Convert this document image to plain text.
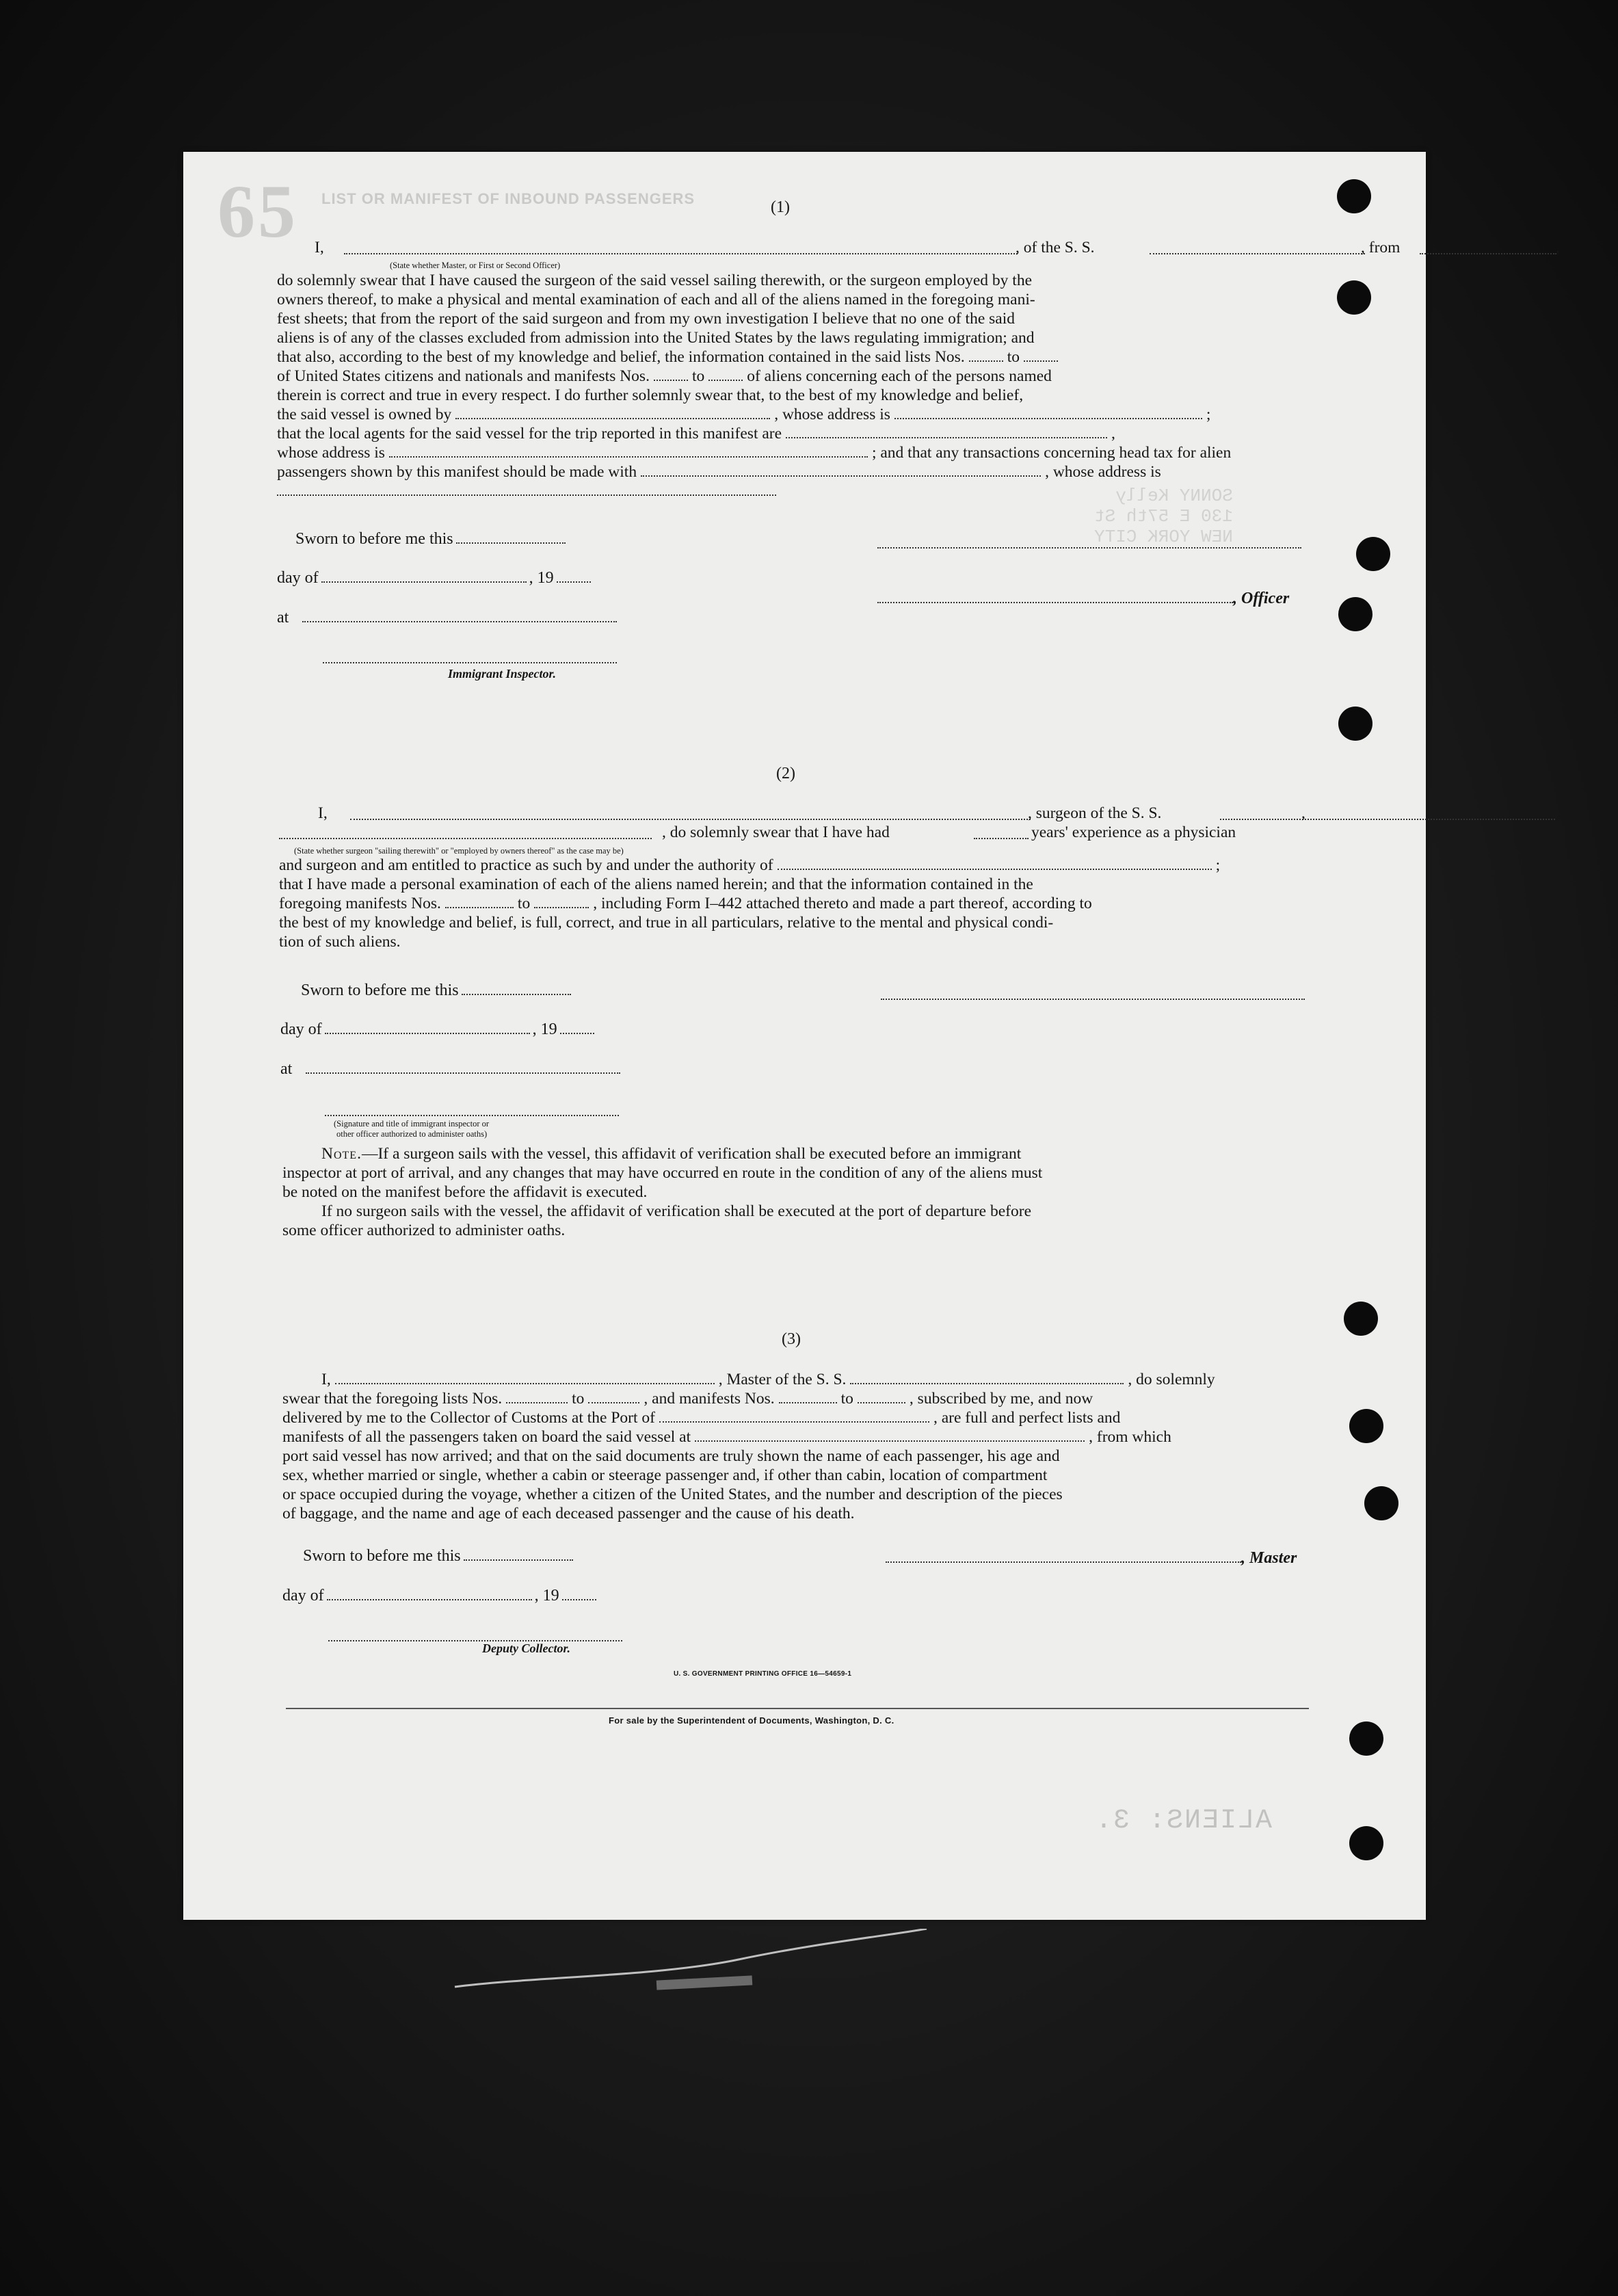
65 LIST OR MANIFEST OF INBOUND PASSENGERS
SONNY Kelly
130 E 57th St
NEW YORK CITY
ALIENS: 3.
(1)
I,	, of the S. S.	, from	,
(State whether Master, or First or Second Officer)
do solemnly swear that I have caused the surgeon of the said vessel sailing therewith, or the surgeon employed by the
owners thereof, to make a physical and mental examination of each and all of the aliens named in the foregoing mani-
fest sheets; that from the report of the said surgeon and from my own investigation I believe that no one of the said
aliens is of any of the classes excluded from admission into the United States by the laws regulating immigration; and
that also, according to the best of my knowledge and belief, the information contained in the said lists Nos.	to
of United States citizens and nationals and manifests Nos.	to	of aliens concerning each of the persons named
therein is correct and true in every respect. I do further solemnly swear that, to the best of my knowledge and belief,
the said vessel is owned by	, whose address is	;
that the local agents for the said vessel for the trip reported in this manifest are	,
whose address is	; and that any transactions concerning head tax for alien
passengers shown by this manifest should be made with	, whose address is
Sworn to before me this
day of	, 19
at
Immigrant Inspector.
, Officer
(2)
I,	, surgeon of the S. S.	,
, do solemnly swear that I have had	years' experience as a physician
(State whether surgeon "sailing therewith" or "employed by owners thereof" as the case may be)
and surgeon and am entitled to practice as such by and under the authority of	;
that I have made a personal examination of each of the aliens named herein; and that the information contained in the
foregoing manifests Nos.	to	, including Form I–442 attached thereto and made a part thereof, according to
the best of my knowledge and belief, is full, correct, and true in all particulars, relative to the mental and physical condi-
tion of such aliens.
Sworn to before me this
day of	, 19
at
(Signature and title of immigrant inspector or
other officer authorized to administer oaths)
Note.—If a surgeon sails with the vessel, this affidavit of verification shall be executed before an immigrant
inspector at port of arrival, and any changes that may have occurred en route in the condition of any of the aliens must
be noted on the manifest before the affidavit is executed.
If no surgeon sails with the vessel, the affidavit of verification shall be executed at the port of departure before
some officer authorized to administer oaths.
(3)
I,	, Master of the S. S.	, do solemnly
swear that the foregoing lists Nos.	to	, and manifests Nos.	to	, subscribed by me, and now
delivered by me to the Collector of Customs at the Port of	, are full and perfect lists and
manifests of all the passengers taken on board the said vessel at	, from which
port said vessel has now arrived; and that on the said documents are truly shown the name of each passenger, his age and
sex, whether married or single, whether a cabin or steerage passenger and, if other than cabin, location of compartment
or space occupied during the voyage, whether a citizen of the United States, and the number and description of the pieces
of baggage, and the name and age of each deceased passenger and the cause of his death.
Sworn to before me this	, Master
day of	, 19
Deputy Collector.
U. S. GOVERNMENT PRINTING OFFICE 16—54659-1
For sale by the Superintendent of Documents, Washington, D. C.
